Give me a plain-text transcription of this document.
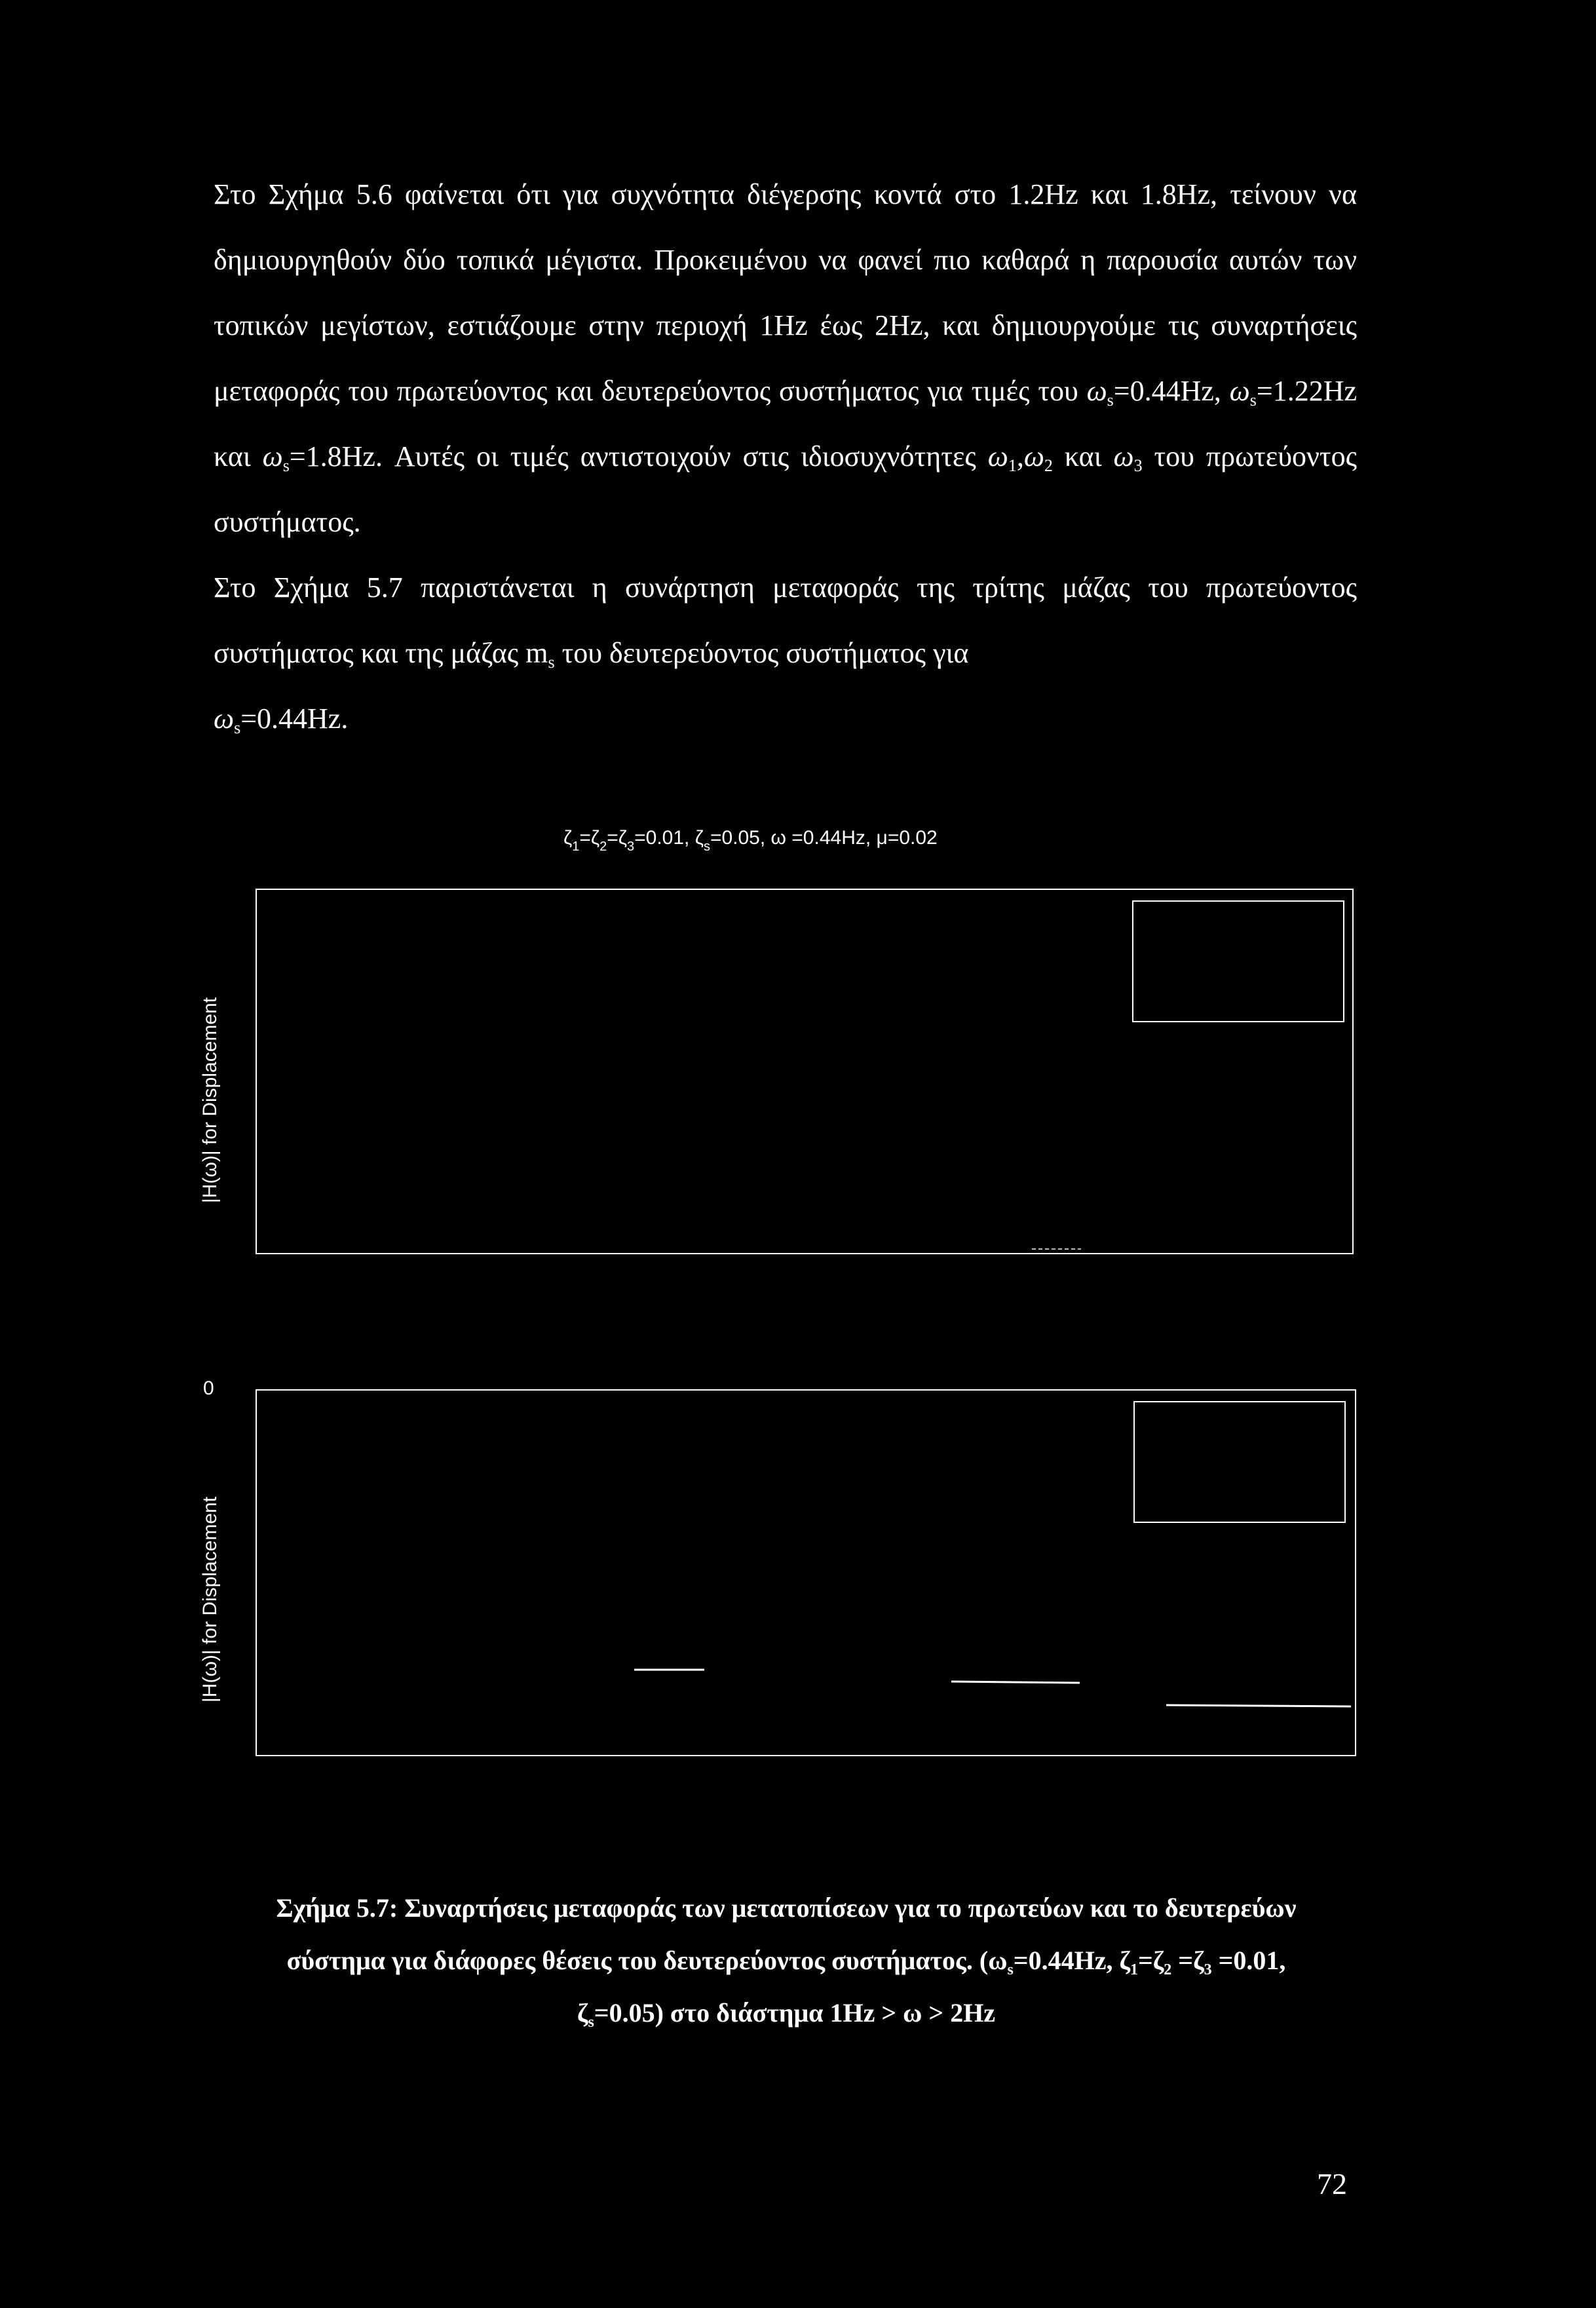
Στο Σχήμα 5.6 φαίνεται ότι για συχνότητα διέγερσης κοντά στο 1.2Hz και 1.8Hz, τείνουν να δημιουργηθούν δύο τοπικά μέγιστα. Προκειμένου να φανεί πιο καθαρά η παρουσία αυτών των τοπικών μεγίστων, εστιάζουμε στην περιοχή 1Hz έως 2Hz, και δημιουργούμε τις συναρτήσεις μεταφοράς του πρωτεύοντος και δευτερεύοντος συστήματος για τιμές του $\omega_s=0.44Hz$, $\omega_s=1.22Hz$ και $\omega_s=1.8Hz$. Αυτές οι τιμές αντιστοιχούν στις ιδιοσυχνότητες $\omega_1,\omega_2$ και $\omega_3$ του πρωτεύοντος συστήματος.
Στο Σχήμα 5.7 παριστάνεται η συνάρτηση μεταφοράς της τρίτης μάζας του πρωτεύοντος συστήματος και της μάζας $m_s$ του δευτερεύοντος συστήματος για
$\omega_s=0.44Hz$.
$\zeta_1=\zeta_2=\zeta_3=0.01$, $\zeta_s=0.05$, ω =0.44Hz, μ=0.02
|H(ω)| for Displacement
0
|H(ω)| for Displacement
Σχήμα 5.7: Συναρτήσεις μεταφοράς των μετατοπίσεων για το πρωτεύων και το δευτερεύων σύστημα για διάφορες θέσεις του δευτερεύοντος συστήματος. ($\omega_s=0.44Hz$, $\zeta_1=\zeta_2 =\zeta_3 =0.01$, $\zeta_s=0.05$) στο διάστημα 1Hz > ω > 2Hz
72
